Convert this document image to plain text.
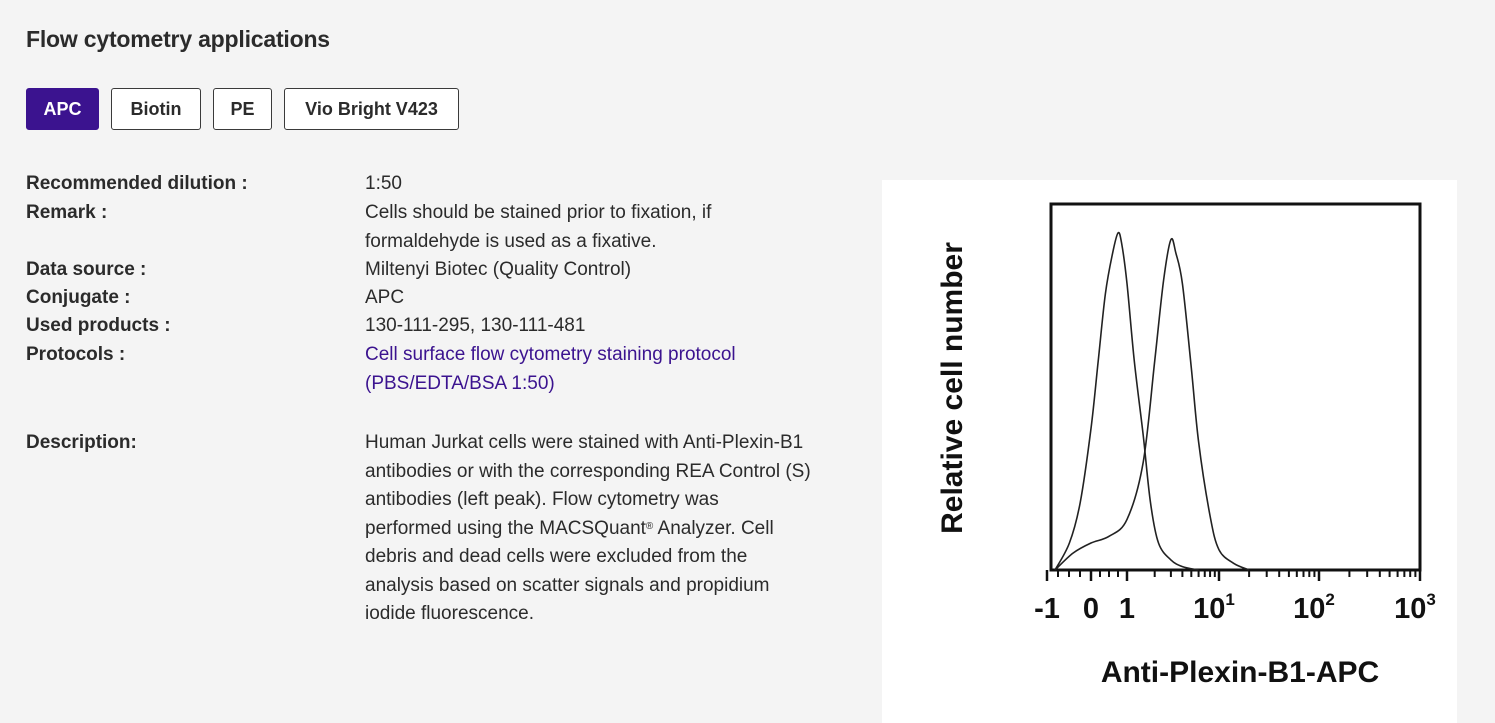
Flow cytometry applications
APC	Biotin	PE	Vio Bright V423
Recommended dilution :	1:50
Remark :	Cells should be stained prior to fixation, if
formaldehyde is used as a fixative.
Data source :	Miltenyi Biotec (Quality Control)
Conjugate :	APC
Used products :	130-111-295, 130-111-481
Protocols :	Cell surface flow cytometry staining protocol
(PBS/EDTA/BSA 1:50)
Description:	Human Jurkat cells were stained with Anti-Plexin-B1
antibodies or with the corresponding REA Control (S)
antibodies (left peak). Flow cytometry was
performed using the MACSQuant® Analyzer. Cell
debris and dead cells were excluded from the
analysis based on scatter signals and propidium
iodide fluorescence.	-1 0 1 $10^1$ $10^2$ $10^3$
Anti-Plexin-B1-APC
Relative cell number
